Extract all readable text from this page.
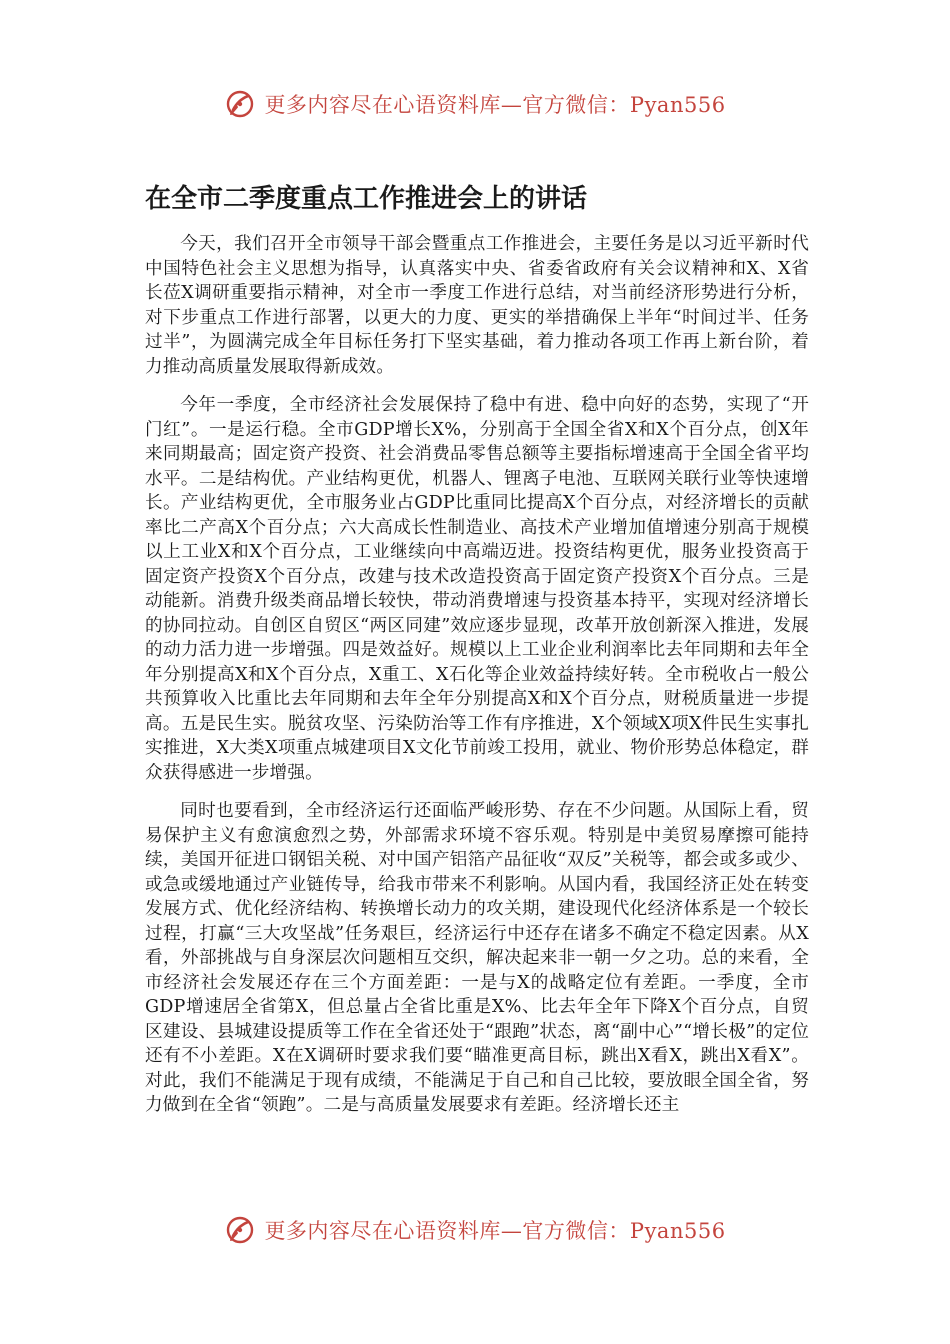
更多内容尽在心语资料库—官方微信：Pyan556
在全市二季度重点工作推进会上的讲话

今天，我们召开全市领导干部会暨重点工作推进会，主要任务是以习近平新时代中国特色社会主义思想为指导，认真落实中央、省委省政府有关会议精神和X、X省长莅X调研重要指示精神，对全市一季度工作进行总结，对当前经济形势进行分析，对下步重点工作进行部署，以更大的力度、更实的举措确保上半年“时间过半、任务过半”，为圆满完成全年目标任务打下坚实基础，着力推动各项工作再上新台阶，着力推动高质量发展取得新成效。

今年一季度，全市经济社会发展保持了稳中有进、稳中向好的态势，实现了“开门红”。一是运行稳。全市GDP增长X%，分别高于全国全省X和X个百分点，创X年来同期最高；固定资产投资、社会消费品零售总额等主要指标增速高于全国全省平均水平。二是结构优。产业结构更优，机器人、锂离子电池、互联网关联行业等快速增长。产业结构更优，全市服务业占GDP比重同比提高X个百分点，对经济增长的贡献率比二产高X个百分点；六大高成长性制造业、高技术产业增加值增速分别高于规模以上工业X和X个百分点，工业继续向中高端迈进。投资结构更优，服务业投资高于固定资产投资X个百分点，改建与技术改造投资高于固定资产投资X个百分点。三是动能新。消费升级类商品增长较快，带动消费增速与投资基本持平，实现对经济增长的协同拉动。自创区自贸区“两区同建”效应逐步显现，改革开放创新深入推进，发展的动力活力进一步增强。四是效益好。规模以上工业企业利润率比去年同期和去年全年分别提高X和X个百分点，X重工、X石化等企业效益持续好转。全市税收占一般公共预算收入比重比去年同期和去年全年分别提高X和X个百分点，财税质量进一步提高。五是民生实。脱贫攻坚、污染防治等工作有序推进，X个领域X项X件民生实事扎实推进，X大类X项重点城建项目X文化节前竣工投用，就业、物价形势总体稳定，群众获得感进一步增强。

同时也要看到，全市经济运行还面临严峻形势、存在不少问题。从国际上看，贸易保护主义有愈演愈烈之势，外部需求环境不容乐观。特别是中美贸易摩擦可能持续，美国开征进口钢铝关税、对中国产铝箔产品征收“双反”关税等，都会或多或少、或急或缓地通过产业链传导，给我市带来不利影响。从国内看，我国经济正处在转变发展方式、优化经济结构、转换增长动力的攻关期，建设现代化经济体系是一个较长过程，打赢“三大攻坚战”任务艰巨，经济运行中还存在诸多不确定不稳定因素。从X看，外部挑战与自身深层次问题相互交织，解决起来非一朝一夕之功。总的来看，全市经济社会发展还存在三个方面差距：一是与X的战略定位有差距。一季度，全市GDP增速居全省第X，但总量占全省比重是X%、比去年全年下降X个百分点，自贸区建设、县城建设提质等工作在全省还处于“跟跑”状态，离“副中心”“增长极”的定位还有不小差距。X在X调研时要求我们要“瞄准更高目标，跳出X看X，跳出X看X”。对此，我们不能满足于现有成绩，不能满足于自己和自己比较，要放眼全国全省，努力做到在全省“领跑”。二是与高质量发展要求有差距。经济增长还主

更多内容尽在心语资料库—官方微信：Pyan556
